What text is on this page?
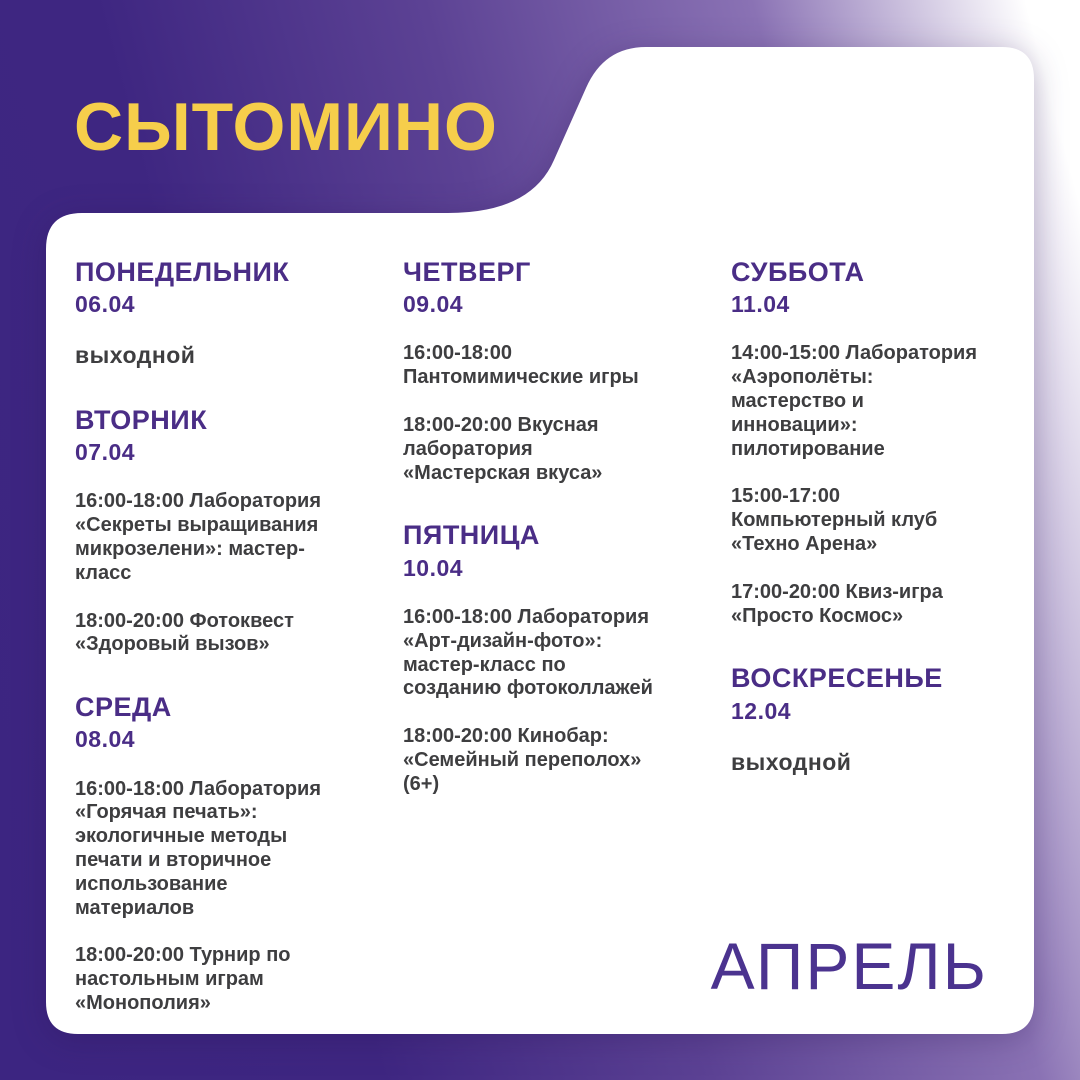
СЫТОМИНО
ПОНЕДЕЛЬНИК
06.04
выходной
ВТОРНИК
07.04
16:00-18:00 Лаборатория «Секреты выращивания микрозелени»: мастер-класс
18:00-20:00 Фотоквест «Здоровый вызов»
СРЕДА
08.04
16:00-18:00 Лаборатория «Горячая печать»: экологичные методы печати и вторичное использование материалов
18:00-20:00 Турнир по настольным играм «Монополия»
ЧЕТВЕРГ
09.04
16:00-18:00 Пантомимические игры
18:00-20:00 Вкусная лаборатория «Мастерская вкуса»
ПЯТНИЦА
10.04
16:00-18:00 Лаборатория «Арт-дизайн-фото»: мастер-класс по созданию фотоколлажей
18:00-20:00 Кинобар: «Семейный переполох» (6+)
СУББОТА
11.04
14:00-15:00 Лаборатория «Аэрополёты: мастерство и инновации»: пилотирование
15:00-17:00 Компьютерный клуб «Техно Арена»
17:00-20:00 Квиз-игра «Просто Космос»
ВОСКРЕСЕНЬЕ
12.04
выходной
АПРЕЛЬ
